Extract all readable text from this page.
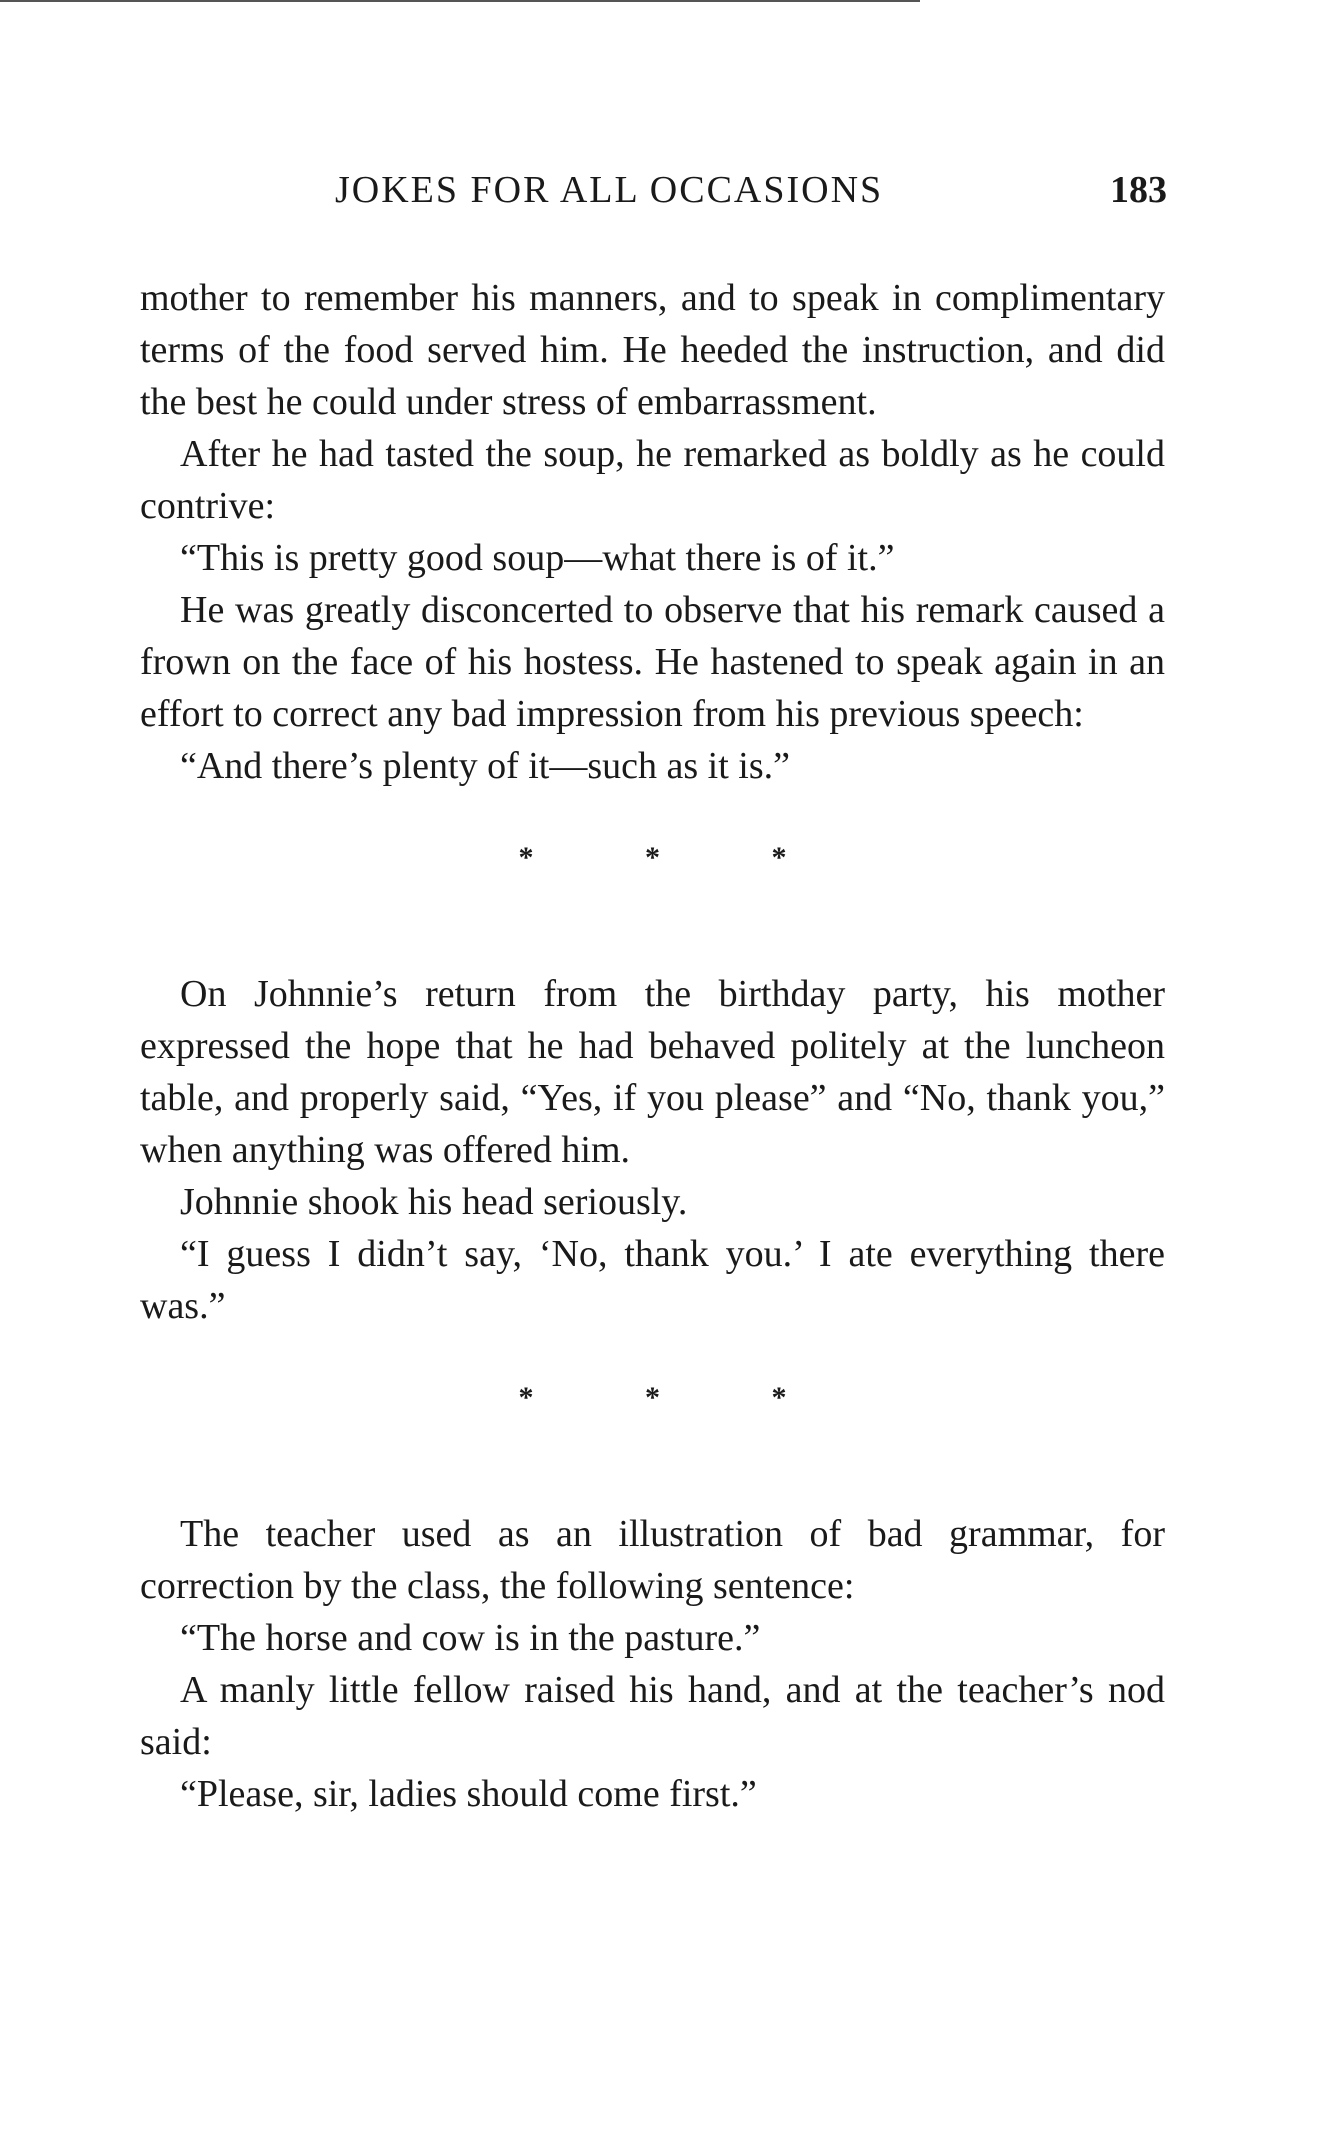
JOKES FOR ALL OCCASIONS	183

mother to remember his manners, and to speak in complimentary terms of the food served him. He heeded the instruction, and did the best he could under stress of embarrassment.

After he had tasted the soup, he remarked as boldly as he could contrive:

“This is pretty good soup—what there is of it.”

He was greatly disconcerted to observe that his remark caused a frown on the face of his hostess. He hastened to speak again in an effort to correct any bad impression from his previous speech:

“And there’s plenty of it—such as it is.”

* * *

On Johnnie’s return from the birthday party, his mother expressed the hope that he had behaved politely at the luncheon table, and properly said, “Yes, if you please” and “No, thank you,” when anything was offered him.

Johnnie shook his head seriously.

“I guess I didn’t say, ‘No, thank you.’ I ate everything there was.”

* * *

The teacher used as an illustration of bad grammar, for correction by the class, the following sentence:

“The horse and cow is in the pasture.”

A manly little fellow raised his hand, and at the teacher’s nod said:

“Please, sir, ladies should come first.”
